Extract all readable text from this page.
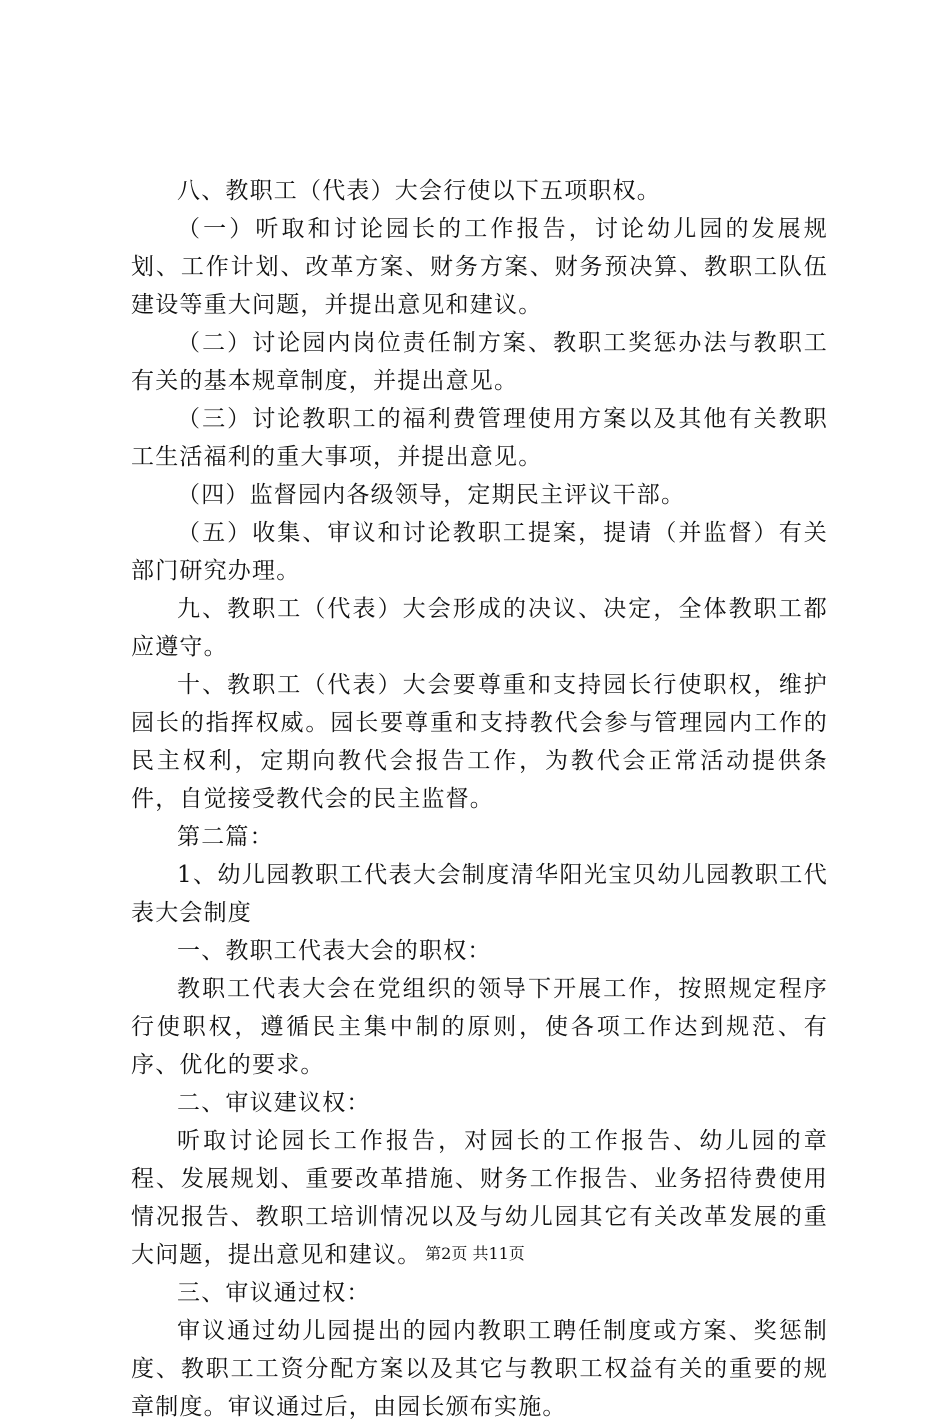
八、教职工（代表）大会行使以下五项职权。

（一）听取和讨论园长的工作报告，讨论幼儿园的发展规划、工作计划、改革方案、财务方案、财务预决算、教职工队伍建设等重大问题，并提出意见和建议。

（二）讨论园内岗位责任制方案、教职工奖惩办法与教职工有关的基本规章制度，并提出意见。

（三）讨论教职工的福利费管理使用方案以及其他有关教职工生活福利的重大事项，并提出意见。

（四）监督园内各级领导，定期民主评议干部。

（五）收集、审议和讨论教职工提案，提请（并监督）有关部门研究办理。

九、教职工（代表）大会形成的决议、决定，全体教职工都应遵守。

十、教职工（代表）大会要尊重和支持园长行使职权，维护园长的指挥权威。园长要尊重和支持教代会参与管理园内工作的民主权利，定期向教代会报告工作，为教代会正常活动提供条件，自觉接受教代会的民主监督。

第二篇：

1、幼儿园教职工代表大会制度清华阳光宝贝幼儿园教职工代表大会制度

一、教职工代表大会的职权：

教职工代表大会在党组织的领导下开展工作，按照规定程序行使职权，遵循民主集中制的原则，使各项工作达到规范、有序、优化的要求。

二、审议建议权：

听取讨论园长工作报告，对园长的工作报告、幼儿园的章程、发展规划、重要改革措施、财务工作报告、业务招待费使用情况报告、教职工培训情况以及与幼儿园其它有关改革发展的重大问题，提出意见和建议。

三、审议通过权：

审议通过幼儿园提出的园内教职工聘任制度或方案、奖惩制度、教职工工资分配方案以及其它与教职工权益有关的重要的规章制度。审议通过后，由园长颁布实施。

第2页 共11页
